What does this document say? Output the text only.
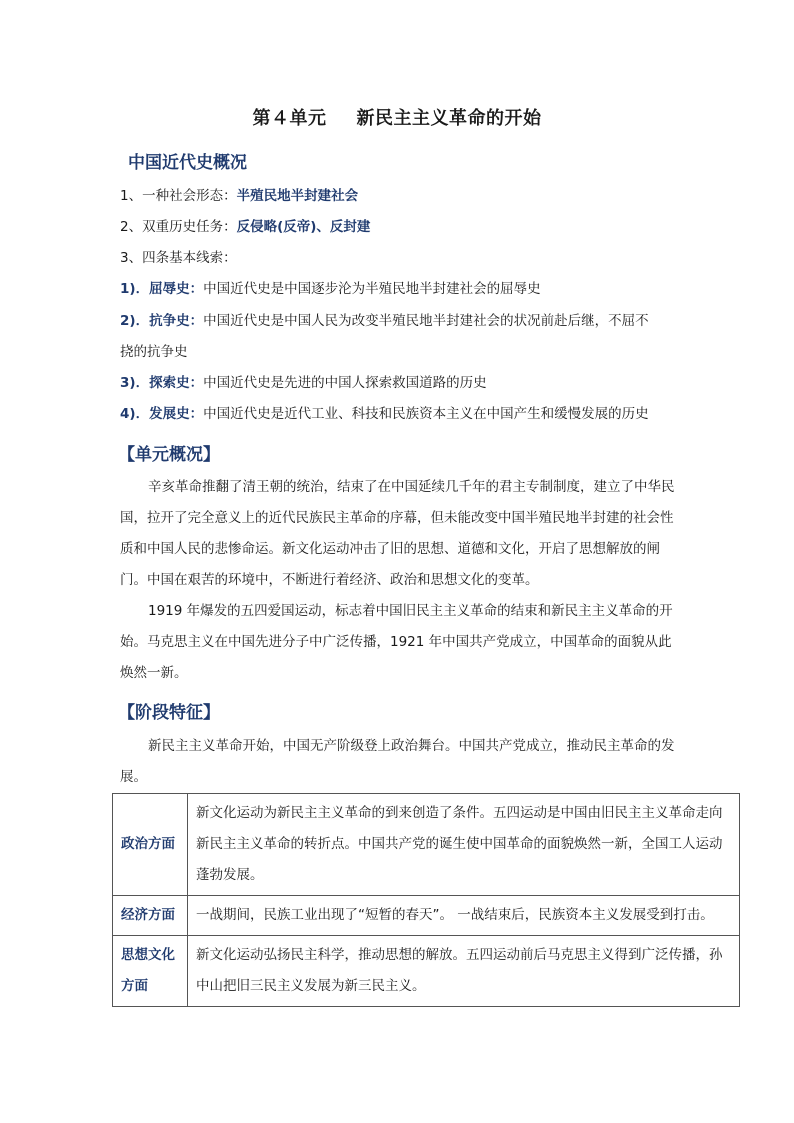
第４单元 新民主主义革命的开始
中国近代史概况
1、一种社会形态：半殖民地半封建社会
2、双重历史任务：反侵略(反帝)、反封建
3、四条基本线索：
1)．屈辱史：中国近代史是中国逐步沦为半殖民地半封建社会的屈辱史
2)．抗争史：中国近代史是中国人民为改变半殖民地半封建社会的状况前赴后继，不屈不
挠的抗争史
3)．探索史：中国近代史是先进的中国人探索救国道路的历史
4)．发展史：中国近代史是近代工业、科技和民族资本主义在中国产生和缓慢发展的历史
【单元概况】
辛亥革命推翻了清王朝的统治，结束了在中国延续几千年的君主专制制度，建立了中华民国，拉开了完全意义上的近代民族民主革命的序幕，但未能改变中国半殖民地半封建的社会性质和中国人民的悲惨命运。新文化运动冲击了旧的思想、道德和文化，开启了思想解放的闸门。中国在艰苦的环境中，不断进行着经济、政治和思想文化的变革。
1919 年爆发的五四爱国运动，标志着中国旧民主主义革命的结束和新民主主义革命的开始。马克思主义在中国先进分子中广泛传播，1921 年中国共产党成立，中国革命的面貌从此焕然一新。
【阶段特征】
新民主主义革命开始，中国无产阶级登上政治舞台。中国共产党成立，推动民主革命的发展。
政治方面	新文化运动为新民主主义革命的到来创造了条件。五四运动是中国由旧民主主义革命走向新民主主义革命的转折点。中国共产党的诞生使中国革命的面貌焕然一新，全国工人运动蓬勃发展。
经济方面	一战期间，民族工业出现了“短暂的春天”。 一战结束后，民族资本主义发展受到打击。
思想文化方面	新文化运动弘扬民主科学，推动思想的解放。五四运动前后马克思主义得到广泛传播，孙中山把旧三民主义发展为新三民主义。
